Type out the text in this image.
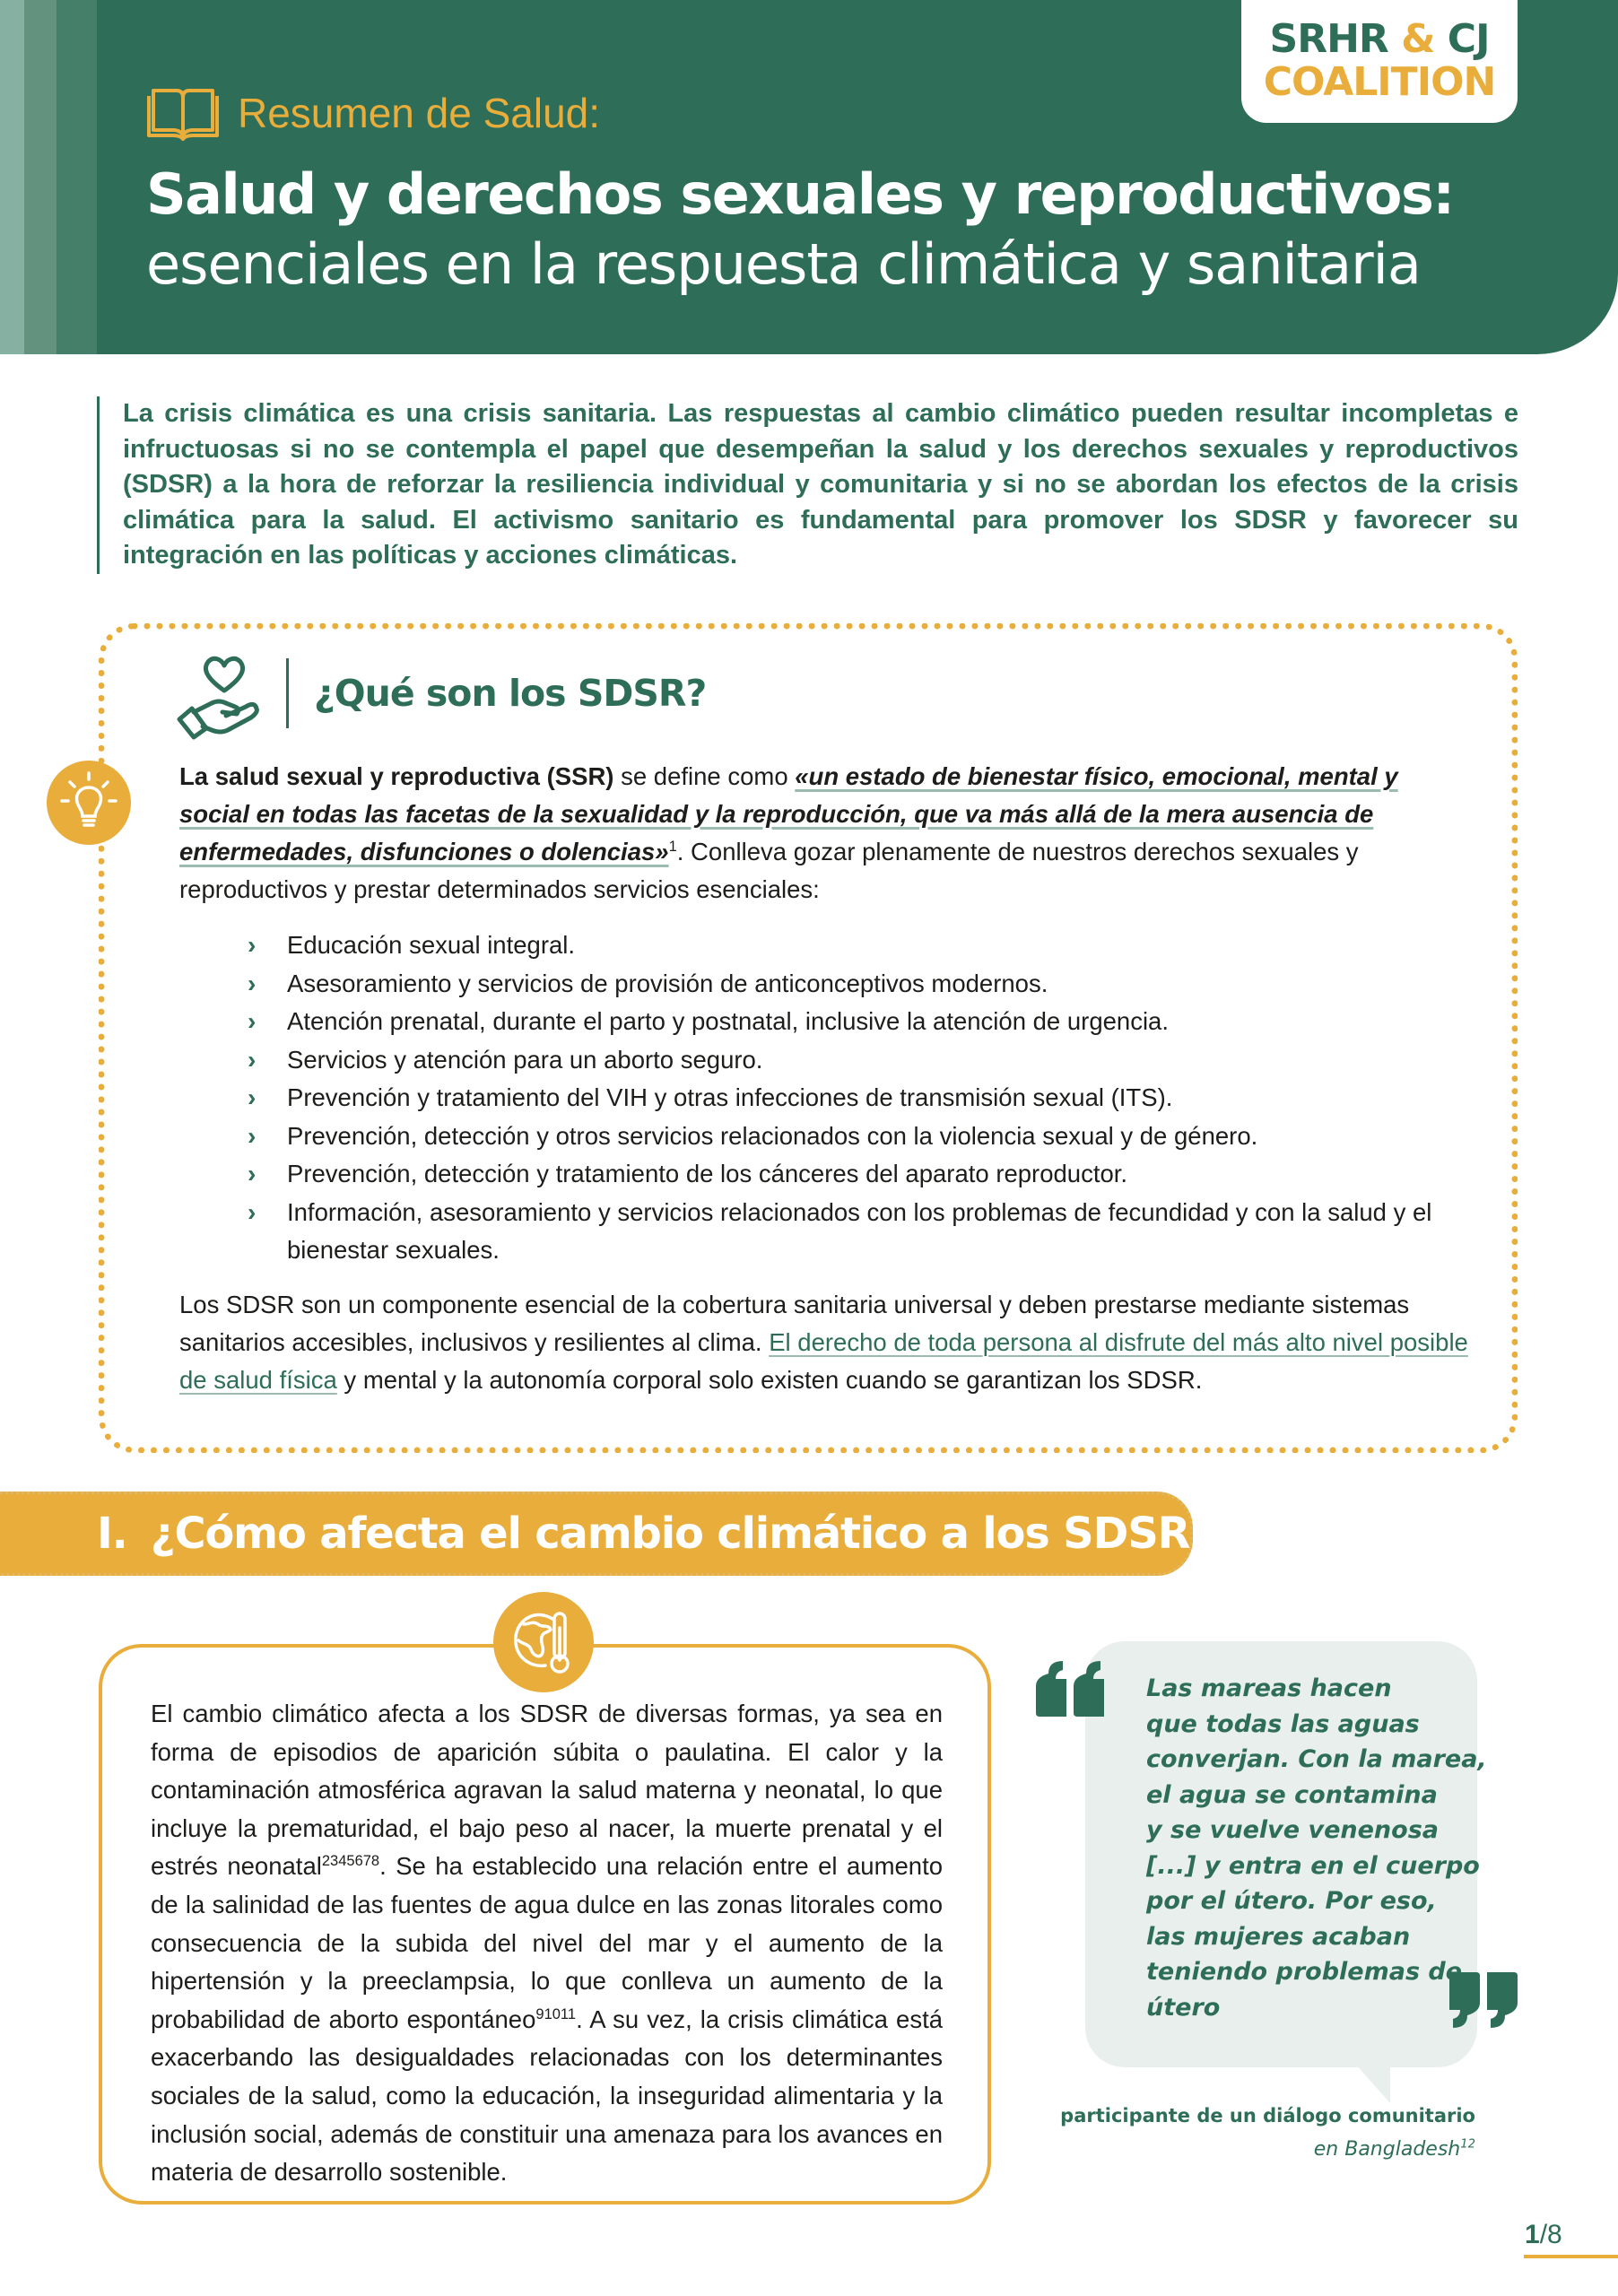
SRHR & CJ
COALITION
Resumen de Salud:
Salud y derechos sexuales y reproductivos:
esenciales en la respuesta climática y sanitaria

La crisis climática es una crisis sanitaria. Las respuestas al cambio climático pueden resultar incompletas e infructuosas si no se contempla el papel que desempeñan la salud y los derechos sexuales y reproductivos (SDSR) a la hora de reforzar la resiliencia individual y comunitaria y si no se abordan los efectos de la crisis climática para la salud. El activismo sanitario es fundamental para promover los SDSR y favorecer su integración en las políticas y acciones climáticas.

¿Qué son los SDSR?

La salud sexual y reproductiva (SSR) se define como «un estado de bienestar físico, emocional, mental y social en todas las facetas de la sexualidad y la reproducción, que va más allá de la mera ausencia de enfermedades, disfunciones o dolencias»$^1$. Conlleva gozar plenamente de nuestros derechos sexuales y reproductivos y prestar determinados servicios esenciales:

› Educación sexual integral.
› Asesoramiento y servicios de provisión de anticonceptivos modernos.
› Atención prenatal, durante el parto y postnatal, inclusive la atención de urgencia.
› Servicios y atención para un aborto seguro.
› Prevención y tratamiento del VIH y otras infecciones de transmisión sexual (ITS).
› Prevención, detección y otros servicios relacionados con la violencia sexual y de género.
› Prevención, detección y tratamiento de los cánceres del aparato reproductor.
› Información, asesoramiento y servicios relacionados con los problemas de fecundidad y con la salud y el bienestar sexuales.

Los SDSR son un componente esencial de la cobertura sanitaria universal y deben prestarse mediante sistemas sanitarios accesibles, inclusivos y resilientes al clima. El derecho de toda persona al disfrute del más alto nivel posible de salud física y mental y la autonomía corporal solo existen cuando se garantizan los SDSR.

I. ¿Cómo afecta el cambio climático a los SDSR?

El cambio climático afecta a los SDSR de diversas formas, ya sea en forma de episodios de aparición súbita o paulatina. El calor y la contaminación atmosférica agravan la salud materna y neonatal, lo que incluye la prematuridad, el bajo peso al nacer, la muerte prenatal y el estrés neonatal$^{2345678}$. Se ha establecido una relación entre el aumento de la salinidad de las fuentes de agua dulce en las zonas litorales como consecuencia de la subida del nivel del mar y el aumento de la hipertensión y la preeclampsia, lo que conlleva un aumento de la probabilidad de aborto espontáneo$^{91011}$. A su vez, la crisis climática está exacerbando las desigualdades relacionadas con los determinantes sociales de la salud, como la educación, la inseguridad alimentaria y la inclusión social, además de constituir una amenaza para los avances en materia de desarrollo sostenible.

Las mareas hacen
que todas las aguas
converjan. Con la marea,
el agua se contamina
y se vuelve venenosa
[...] y entra en el cuerpo
por el útero. Por eso,
las mujeres acaban
teniendo problemas de
útero
participante de un diálogo comunitario
en Bangladesh$^{12}$
1/8
